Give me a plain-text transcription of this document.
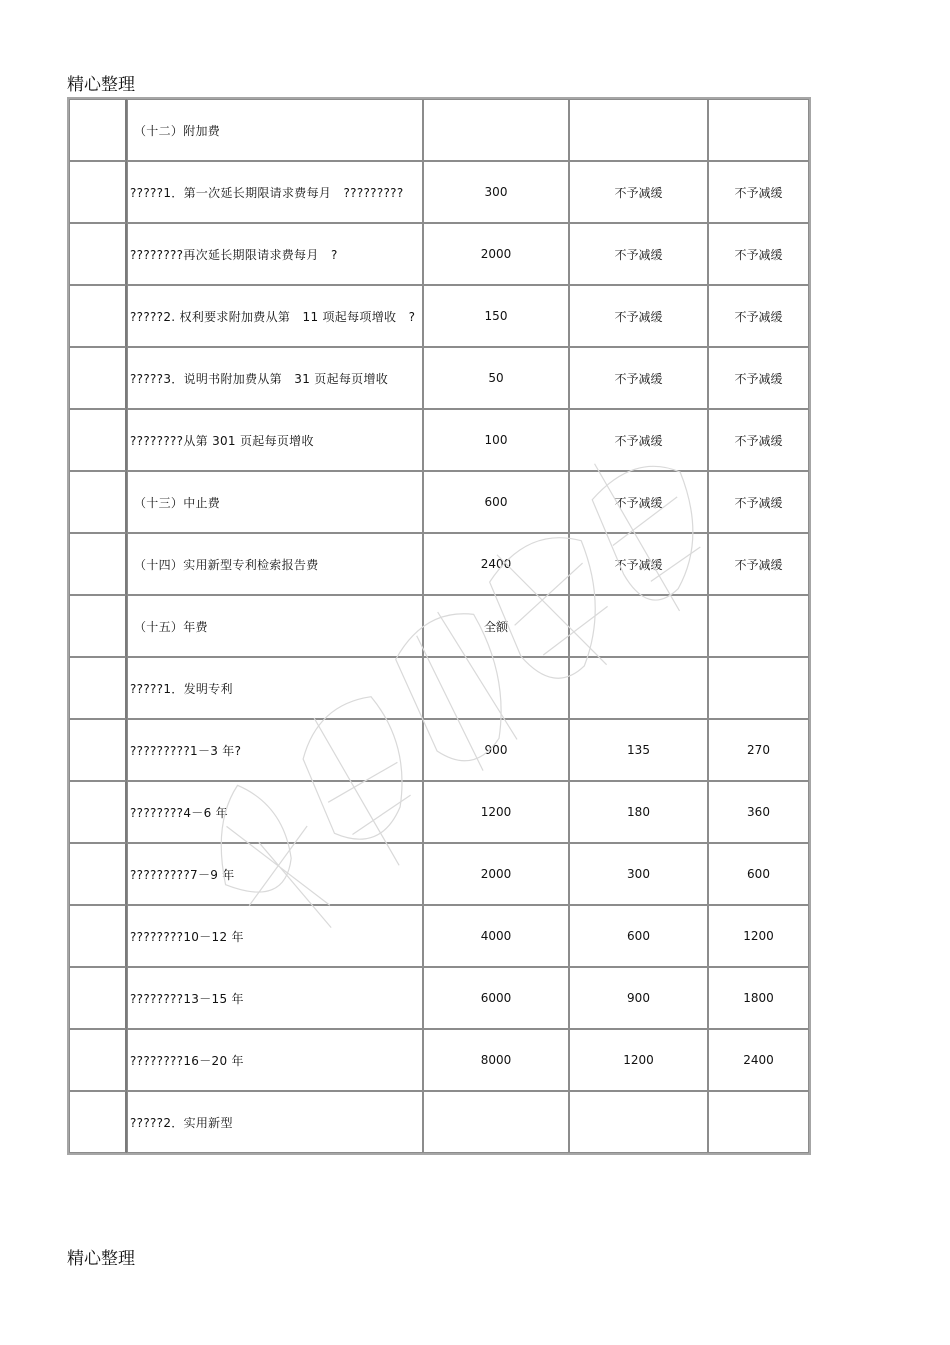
精心整理

	（十二）附加费			

	?????1．第一次延长期限请求费每月　?????????	300	不予减缓	不予减缓

	????????再次延长期限请求费每月　?	2000	不予减缓	不予减缓

	?????2. 权利要求附加费从第　11 项起每项增收　?	150	不予减缓	不予减缓

	?????3．说明书附加费从第　31 页起每页增收	50	不予减缓	不予减缓

	????????从第 301 页起每页增收	100	不予减缓	不予减缓

	（十三）中止费	600	不予减缓	不予减缓

	（十四）实用新型专利检索报告费	2400	不予减缓	不予减缓

	（十五）年费	全额		

	?????1．发明专利			

	?????????1－3 年?	900	135	270

	????????4－6 年	1200	180	360

	?????????7－9 年	2000	300	600

	????????10－12 年	4000	600	1200

	????????13－15 年	6000	900	1800

	????????16－20 年	8000	1200	2400

	?????2．实用新型			

精心整理
